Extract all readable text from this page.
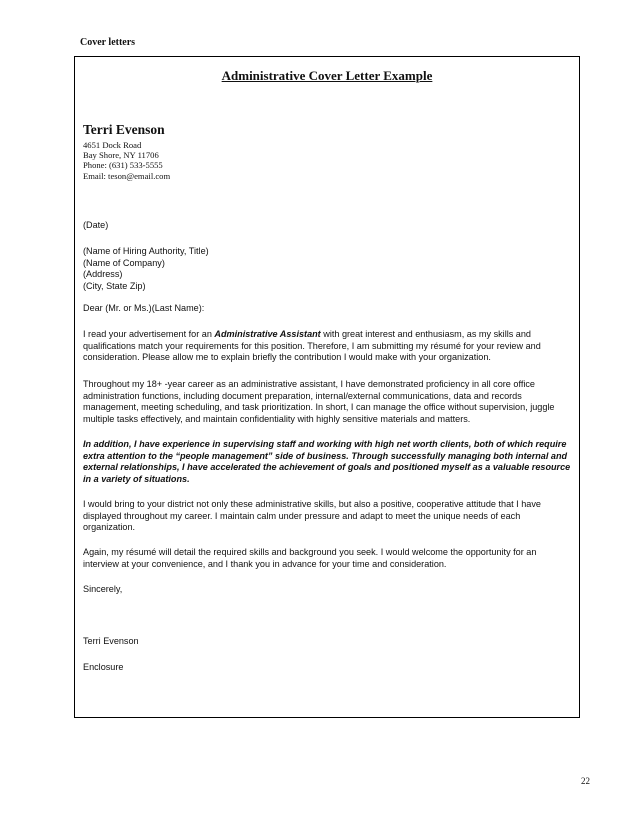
Cover letters
Administrative Cover Letter Example
Terri Evenson
4651 Dock Road
Bay Shore, NY 11706
Phone: (631) 533-5555
Email: teson@email.com
(Date)
(Name of Hiring Authority, Title)
(Name of Company)
(Address)
(City, State Zip)
Dear (Mr. or Ms.)(Last Name):
I read your advertisement for an Administrative Assistant with great interest and enthusiasm, as my skills and qualifications match your requirements for this position. Therefore, I am submitting my résumé for your review and consideration. Please allow me to explain briefly the contribution I would make with your organization.
Throughout my 18+ -year career as an administrative assistant, I have demonstrated proficiency in all core office administration functions, including document preparation, internal/external communications, data and records management, meeting scheduling, and task prioritization. In short, I can manage the office without supervision, juggle multiple tasks effectively, and maintain confidentiality with highly sensitive materials and matters.
In addition, I have experience in supervising staff and working with high net worth clients, both of which require extra attention to the “people management” side of business. Through successfully managing both internal and external relationships, I have accelerated the achievement of goals and positioned myself as a valuable resource in a variety of situations.
I would bring to your district not only these administrative skills, but also a positive, cooperative attitude that I have displayed throughout my career. I maintain calm under pressure and adapt to meet the unique needs of each organization.
Again, my résumé will detail the required skills and background you seek. I would welcome the opportunity for an interview at your convenience, and I thank you in advance for your time and consideration.
Sincerely,
Terri Evenson
Enclosure
22
